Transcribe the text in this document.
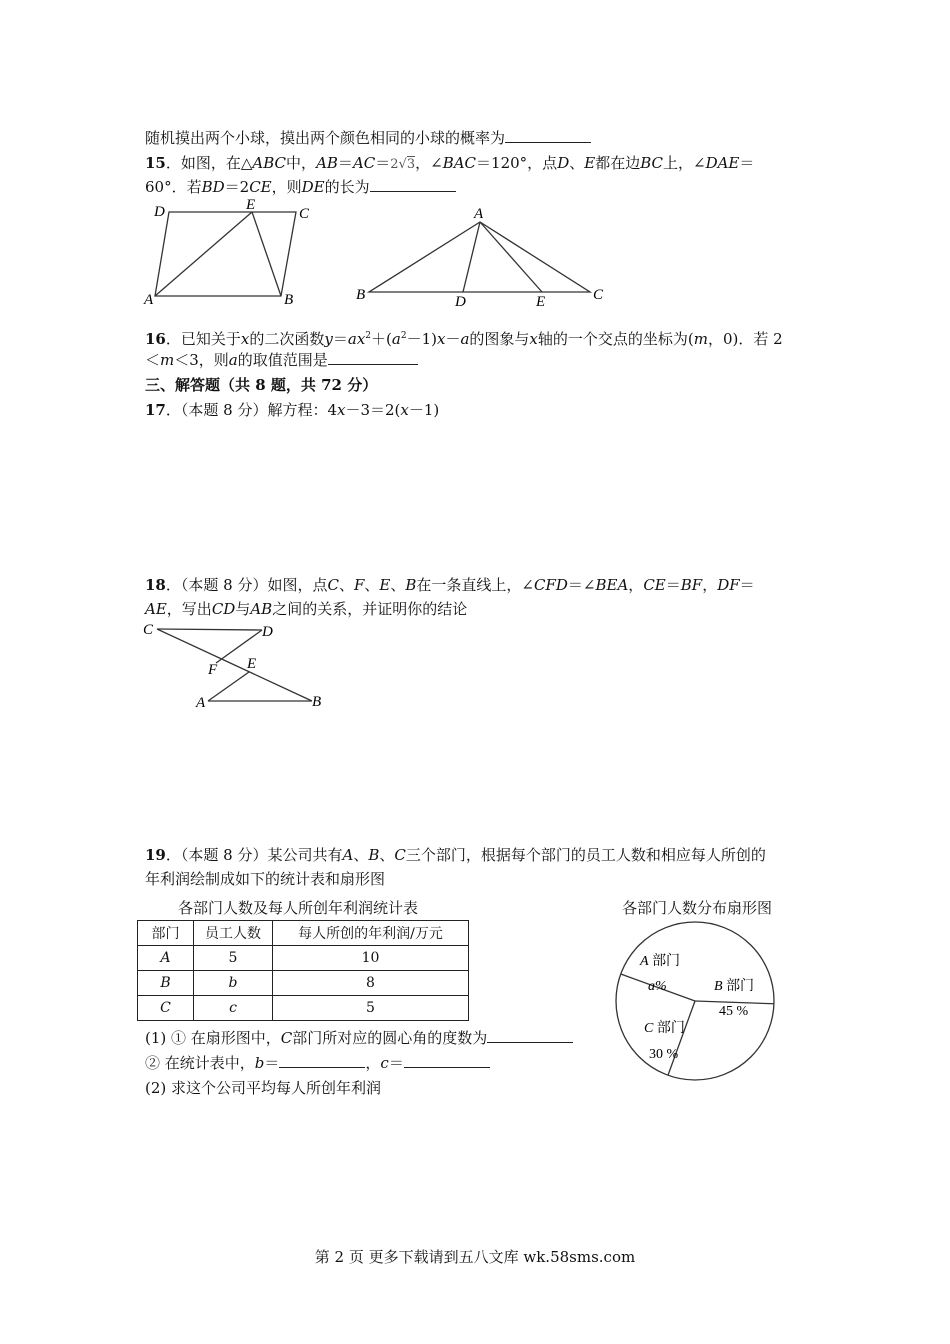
随机摸出两个小球，摸出两个颜色相同的小球的概率为
15．如图，在△ABC中，AB＝AC＝2√3，∠BAC＝120°，点D、E都在边BC上，∠DAE＝
60°．若BD＝2CE，则DE的长为
D	E
C
A	B
A
B	D	E	C
16．已知关于x的二次函数$y=ax^2+(a^2-1)x-a$的图象与x轴的一个交点的坐标为(m，0)．若 2
＜m＜3，则a的取值范围是
三、解答题（共 8 题，共 72 分）
17．（本题 8 分）解方程：4x－3＝2(x－1)
18．（本题 8 分）如图，点C、F、E、B在一条直线上，∠CFD＝∠BEA，CE＝BF，DF＝
AE，写出CD与AB之间的关系，并证明你的结论
C	D
F E
A	B
19．（本题 8 分）某公司共有A、B、C三个部门，根据每个部门的员工人数和相应每人所创的
年利润绘制成如下的统计表和扇形图
各部门人数及每人所创年利润统计表
部门	员工人数	每人所创的年利润/万元
A	5	10
B	b	8
C	c	5
各部门人数分布扇形图
A 部门
a%	B 部门
45 %
C 部门
30 %
(1) ① 在扇形图中，C部门所对应的圆心角的度数为
② 在统计表中，b＝	，c＝
(2) 求这个公司平均每人所创年利润
第 2 页 更多下载请到五八文库 wk.58sms.com
